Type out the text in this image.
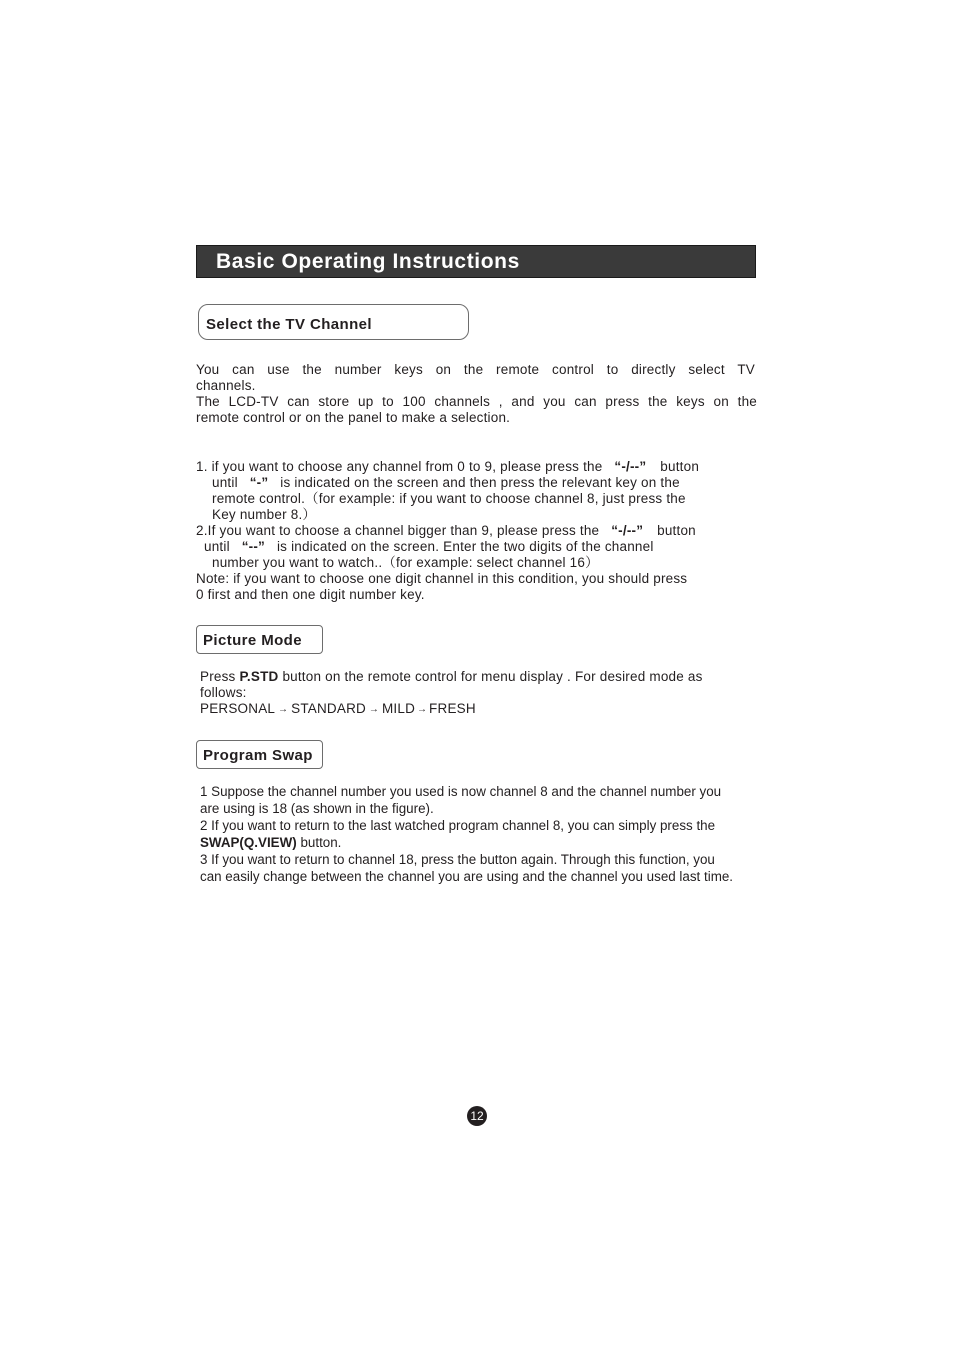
Basic Operating Instructions
Select the TV Channel
You can use the number keys on the remote control to directly select TV
channels.
The LCD-TV can store up to 100 channels , and you can press the keys on the
remote control or on the panel to make a selection.
1. if you want to choose any channel from 0 to 9, please press the “-/--” button
until “-” is indicated on the screen and then press the relevant key on the
remote control.（for example: if you want to choose channel 8, just press the
Key number 8.）
2.If you want to choose a channel bigger than 9, please press the “-/--” button
until “--” is indicated on the screen. Enter the two digits of the channel
number you want to watch..（for example: select channel 16）
Note: if you want to choose one digit channel in this condition, you should press
0 first and then one digit number key.
Picture Mode
Press P.STD button on the remote control for menu display . For desired mode as
follows:
PERSONAL → STANDARD → MILD → FRESH
Program Swap
1 Suppose the channel number you used is now channel 8 and the channel number you
are using is 18 (as shown in the figure).
2 If you want to return to the last watched program channel 8, you can simply press the
SWAP(Q.VIEW) button.
3 If you want to return to channel 18, press the button again. Through this function, you
can easily change between the channel you are using and the channel you used last time.
12
